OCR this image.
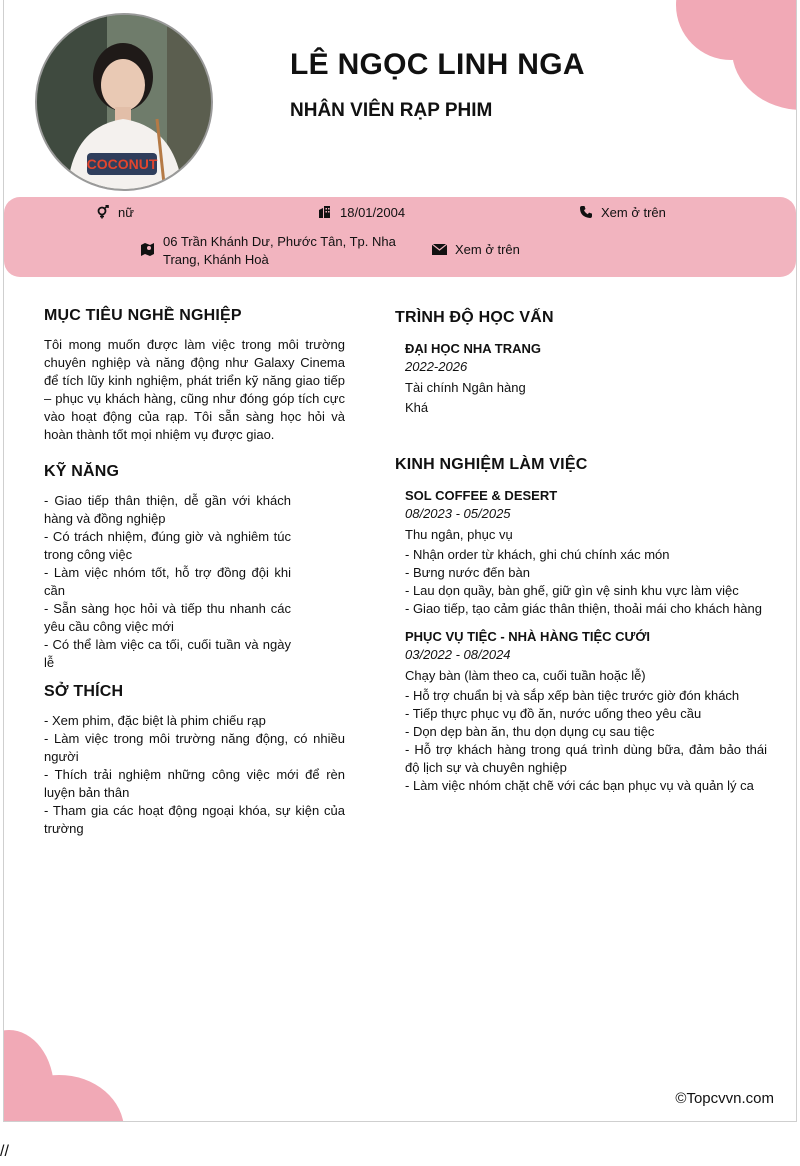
COCONUT
LÊ NGỌC LINH NGA
NHÂN VIÊN RẠP PHIM
nữ	18/01/2004	Xem ở trên
06 Trần Khánh Dư, Phước Tân, Tp. Nha Trang, Khánh Hoà
Xem ở trên
MỤC TIÊU NGHỀ NGHIỆP
Tôi mong muốn được làm việc trong môi trường chuyên nghiệp và năng động như Galaxy Cinema để tích lũy kinh nghiệm, phát triển kỹ năng giao tiếp – phục vụ khách hàng, cũng như đóng góp tích cực vào hoạt động của rạp. Tôi sẵn sàng học hỏi và hoàn thành tốt mọi nhiệm vụ được giao.
KỸ NĂNG
- Giao tiếp thân thiện, dễ gần với khách hàng và đồng nghiệp
- Có trách nhiệm, đúng giờ và nghiêm túc trong công việc
- Làm việc nhóm tốt, hỗ trợ đồng đội khi cần
- Sẵn sàng học hỏi và tiếp thu nhanh các yêu cầu công việc mới
- Có thể làm việc ca tối, cuối tuần và ngày lễ
SỞ THÍCH
- Xem phim, đặc biệt là phim chiếu rạp
- Làm việc trong môi trường năng động, có nhiều người
- Thích trải nghiệm những công việc mới để rèn luyện bản thân
- Tham gia các hoạt động ngoại khóa, sự kiện của trường
TRÌNH ĐỘ HỌC VẤN
ĐẠI HỌC NHA TRANG
2022-2026
Tài chính Ngân hàng
Khá
KINH NGHIỆM LÀM VIỆC
SOL COFFEE & DESERT
08/2023 - 05/2025
Thu ngân, phục vụ
- Nhận order từ khách, ghi chú chính xác món
- Bưng nước đến bàn
- Lau dọn quầy, bàn ghế, giữ gìn vệ sinh khu vực làm việc
- Giao tiếp, tạo cảm giác thân thiện, thoải mái cho khách hàng
PHỤC VỤ TIỆC - NHÀ HÀNG TIỆC CƯỚI
03/2022 - 08/2024
Chạy bàn (làm theo ca, cuối tuần hoặc lễ)
- Hỗ trợ chuẩn bị và sắp xếp bàn tiệc trước giờ đón khách
- Tiếp thực phục vụ đồ ăn, nước uống theo yêu cầu
- Dọn dẹp bàn ăn, thu dọn dụng cụ sau tiệc
- Hỗ trợ khách hàng trong quá trình dùng bữa, đảm bảo thái độ lịch sự và chuyên nghiệp
- Làm việc nhóm chặt chẽ với các bạn phục vụ và quản lý ca
©Topcvvn.com
//
